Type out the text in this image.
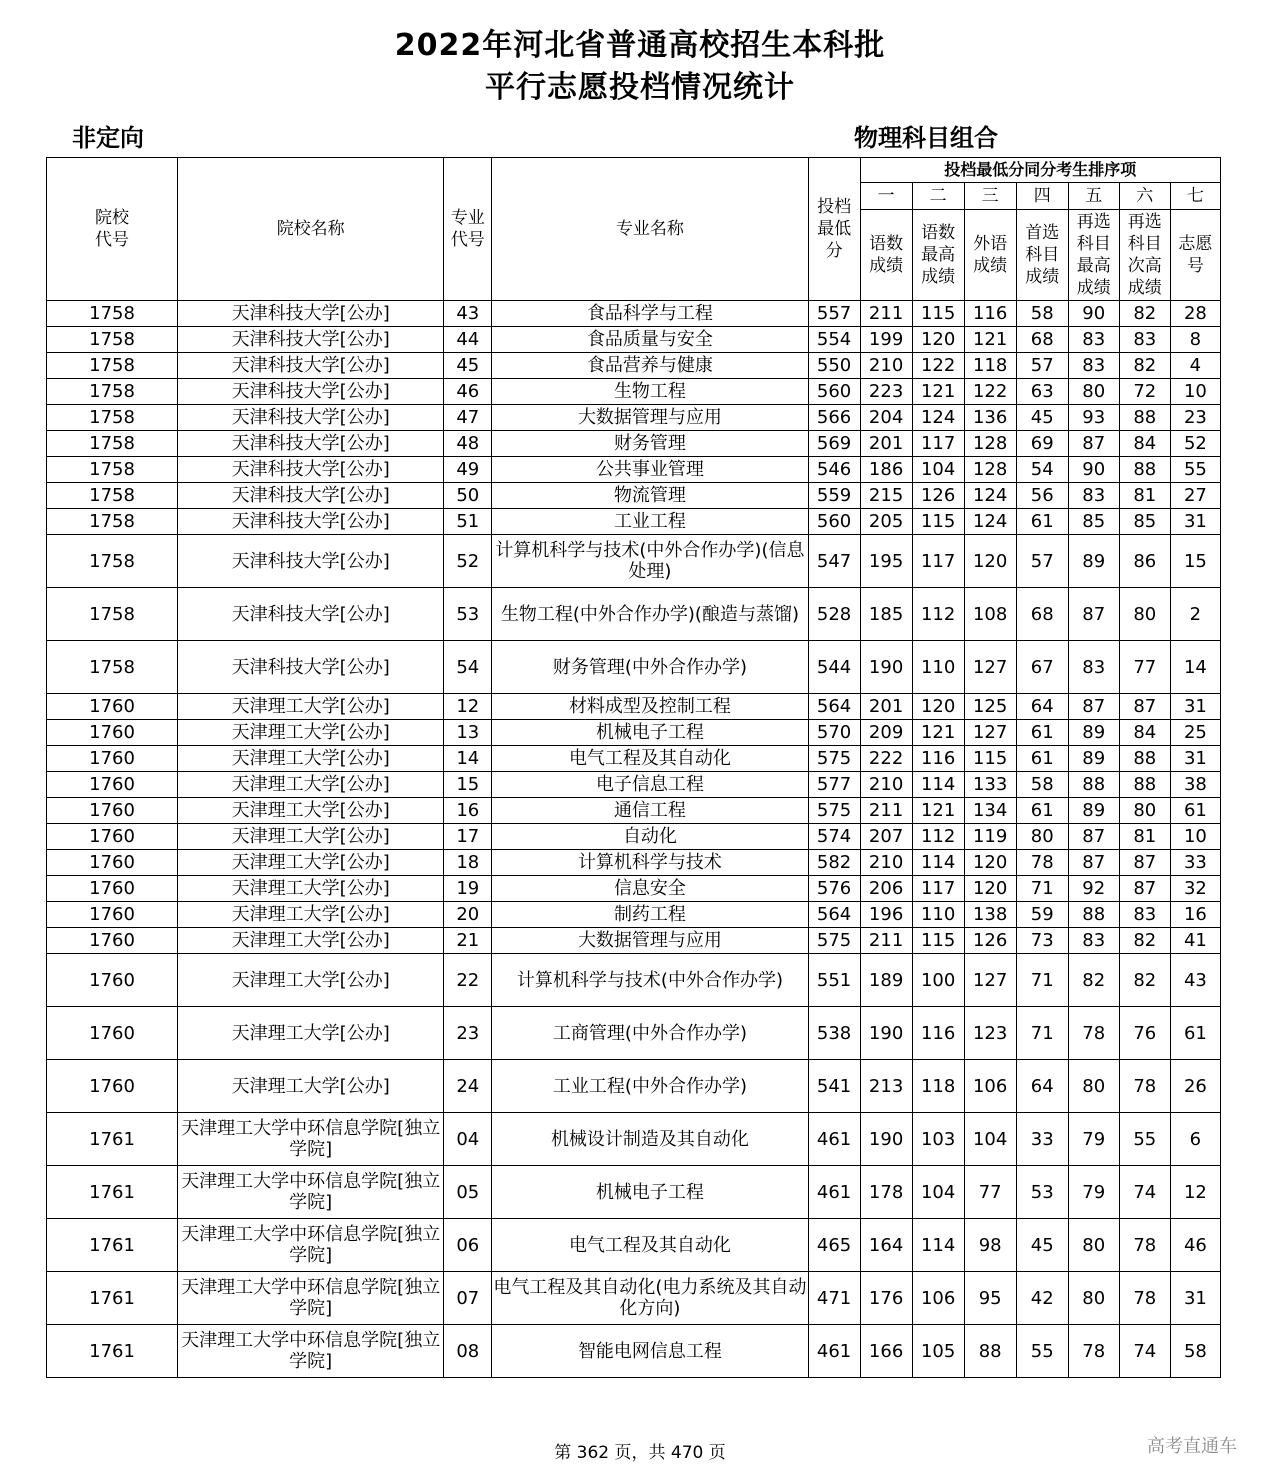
2022年河北省普通高校招生本科批
平行志愿投档情况统计
非定向	物理科目组合
院校代号	院校名称	专业代号	专业名称	投档最低分	投档最低分同分考生排序项						
					一	二	三	四	五	六	七
					语数成绩	语数最高成绩	外语成绩	首选科目成绩	再选科目最高成绩	再选科目次高成绩	志愿号
1758	天津科技大学[公办]	43	食品科学与工程	557	211	115	116	58	90	82	28
1758	天津科技大学[公办]	44	食品质量与安全	554	199	120	121	68	83	83	8
1758	天津科技大学[公办]	45	食品营养与健康	550	210	122	118	57	83	82	4
1758	天津科技大学[公办]	46	生物工程	560	223	121	122	63	80	72	10
1758	天津科技大学[公办]	47	大数据管理与应用	566	204	124	136	45	93	88	23
1758	天津科技大学[公办]	48	财务管理	569	201	117	128	69	87	84	52
1758	天津科技大学[公办]	49	公共事业管理	546	186	104	128	54	90	88	55
1758	天津科技大学[公办]	50	物流管理	559	215	126	124	56	83	81	27
1758	天津科技大学[公办]	51	工业工程	560	205	115	124	61	85	85	31
1758	天津科技大学[公办]	52	计算机科学与技术(中外合作办学)(信息处理)	547	195	117	120	57	89	86	15
1758	天津科技大学[公办]	53	生物工程(中外合作办学)(酿造与蒸馏)	528	185	112	108	68	87	80	2
1758	天津科技大学[公办]	54	财务管理(中外合作办学)	544	190	110	127	67	83	77	14
1760	天津理工大学[公办]	12	材料成型及控制工程	564	201	120	125	64	87	87	31
1760	天津理工大学[公办]	13	机械电子工程	570	209	121	127	61	89	84	25
1760	天津理工大学[公办]	14	电气工程及其自动化	575	222	116	115	61	89	88	31
1760	天津理工大学[公办]	15	电子信息工程	577	210	114	133	58	88	88	38
1760	天津理工大学[公办]	16	通信工程	575	211	121	134	61	89	80	61
1760	天津理工大学[公办]	17	自动化	574	207	112	119	80	87	81	10
1760	天津理工大学[公办]	18	计算机科学与技术	582	210	114	120	78	87	87	33
1760	天津理工大学[公办]	19	信息安全	576	206	117	120	71	92	87	32
1760	天津理工大学[公办]	20	制药工程	564	196	110	138	59	88	83	16
1760	天津理工大学[公办]	21	大数据管理与应用	575	211	115	126	73	83	82	41
1760	天津理工大学[公办]	22	计算机科学与技术(中外合作办学)	551	189	100	127	71	82	82	43
1760	天津理工大学[公办]	23	工商管理(中外合作办学)	538	190	116	123	71	78	76	61
1760	天津理工大学[公办]	24	工业工程(中外合作办学)	541	213	118	106	64	80	78	26
1761	天津理工大学中环信息学院[独立学院]	04	机械设计制造及其自动化	461	190	103	104	33	79	55	6
1761	天津理工大学中环信息学院[独立学院]	05	机械电子工程	461	178	104	77	53	79	74	12
1761	天津理工大学中环信息学院[独立学院]	06	电气工程及其自动化	465	164	114	98	45	80	78	46
1761	天津理工大学中环信息学院[独立学院]	07	电气工程及其自动化(电力系统及其自动化方向)	471	176	106	95	42	80	78	31
1761	天津理工大学中环信息学院[独立学院]	08	智能电网信息工程	461	166	105	88	55	78	74	58
第 362 页，共 470 页	高考直通车
